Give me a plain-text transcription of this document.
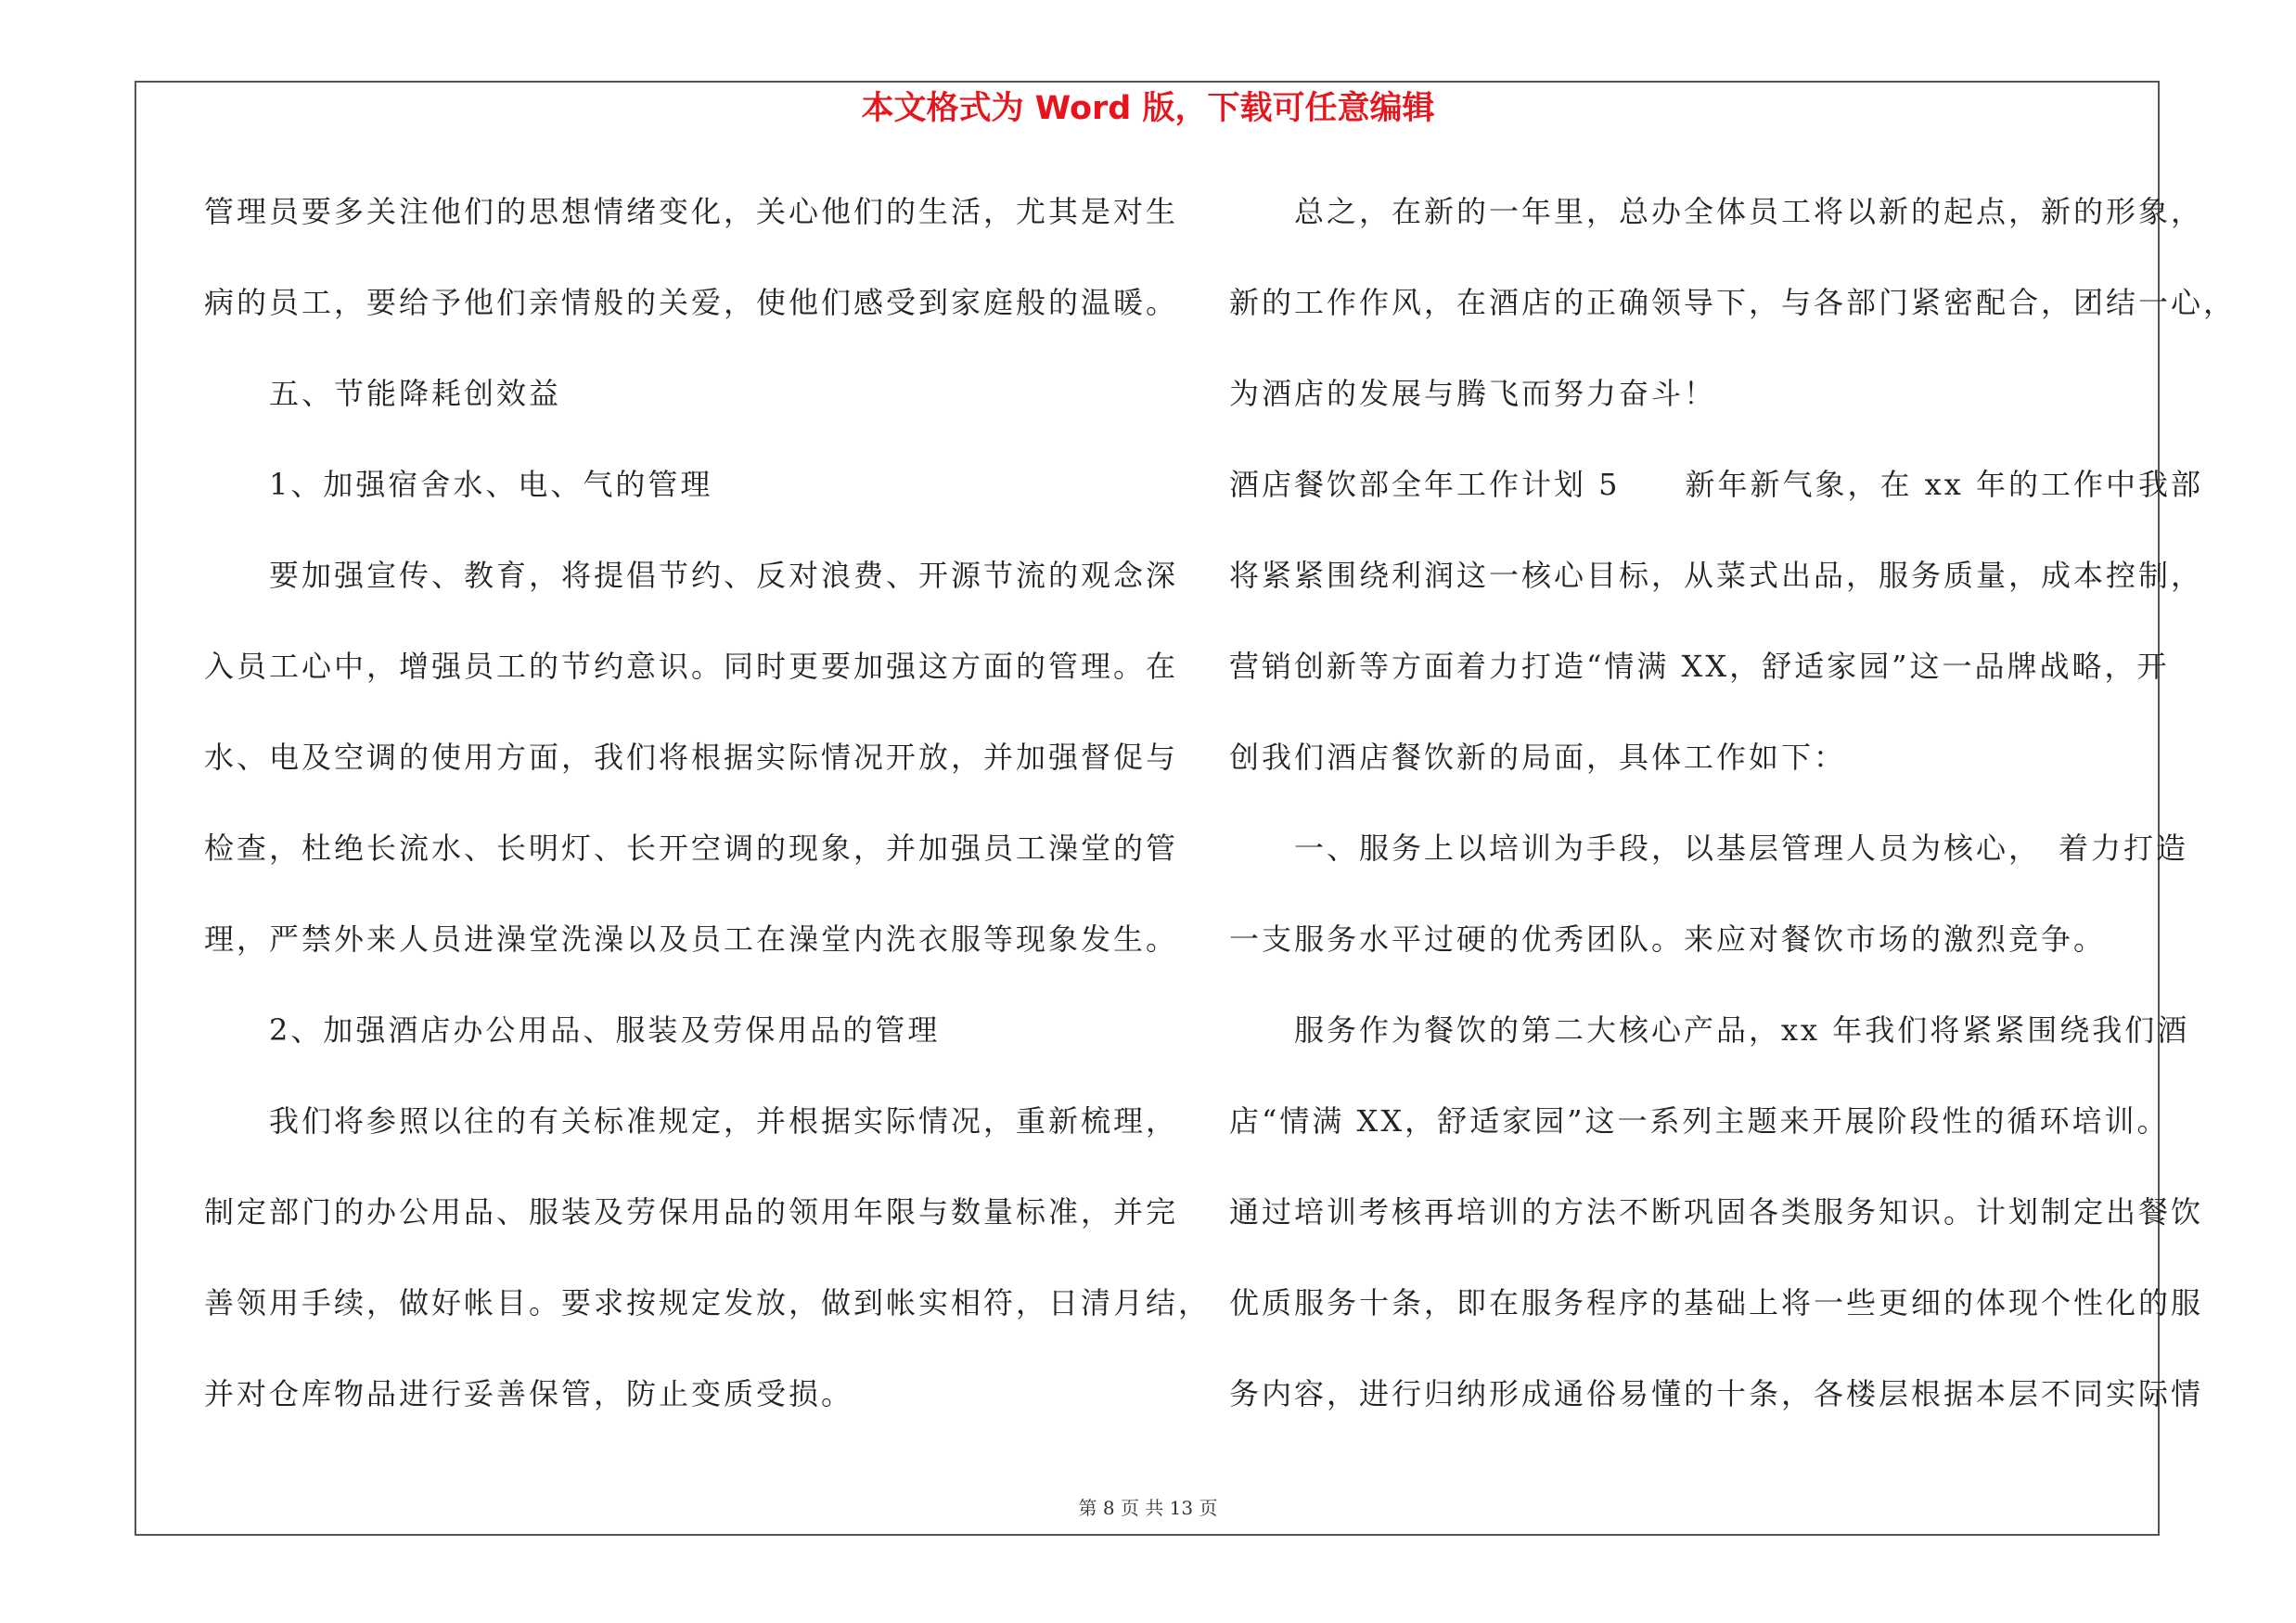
本文格式为 Word 版，下载可任意编辑
管理员要多关注他们的思想情绪变化，关心他们的生活，尤其是对生
病的员工，要给予他们亲情般的关爱，使他们感受到家庭般的温暖。
　　五、节能降耗创效益
　　1、加强宿舍水、电、气的管理
　　要加强宣传、教育，将提倡节约、反对浪费、开源节流的观念深
入员工心中，增强员工的节约意识。同时更要加强这方面的管理。在
水、电及空调的使用方面，我们将根据实际情况开放，并加强督促与
检查，杜绝长流水、长明灯、长开空调的现象，并加强员工澡堂的管
理，严禁外来人员进澡堂洗澡以及员工在澡堂内洗衣服等现象发生。
　　2、加强酒店办公用品、服装及劳保用品的管理
　　我们将参照以往的有关标准规定，并根据实际情况，重新梳理，
制定部门的办公用品、服装及劳保用品的领用年限与数量标准，并完
善领用手续，做好帐目。要求按规定发放，做到帐实相符，日清月结，
并对仓库物品进行妥善保管，防止变质受损。
　　总之，在新的一年里，总办全体员工将以新的起点，新的形象，
新的工作作风，在酒店的正确领导下，与各部门紧密配合，团结一心，
为酒店的发展与腾飞而努力奋斗！
酒店餐饮部全年工作计划 5　　新年新气象，在 xx 年的工作中我部
将紧紧围绕利润这一核心目标，从菜式出品，服务质量，成本控制，
营销创新等方面着力打造“情满 XX，舒适家园”这一品牌战略，开
创我们酒店餐饮新的局面，具体工作如下：
　　一、服务上以培训为手段，以基层管理人员为核心，　着力打造
一支服务水平过硬的优秀团队。来应对餐饮市场的激烈竞争。
　　服务作为餐饮的第二大核心产品，xx 年我们将紧紧围绕我们酒
店“情满 XX，舒适家园”这一系列主题来开展阶段性的循环培训。
通过培训考核再培训的方法不断巩固各类服务知识。计划制定出餐饮
优质服务十条，即在服务程序的基础上将一些更细的体现个性化的服
务内容，进行归纳形成通俗易懂的十条，各楼层根据本层不同实际情
第 8 页 共 13 页
